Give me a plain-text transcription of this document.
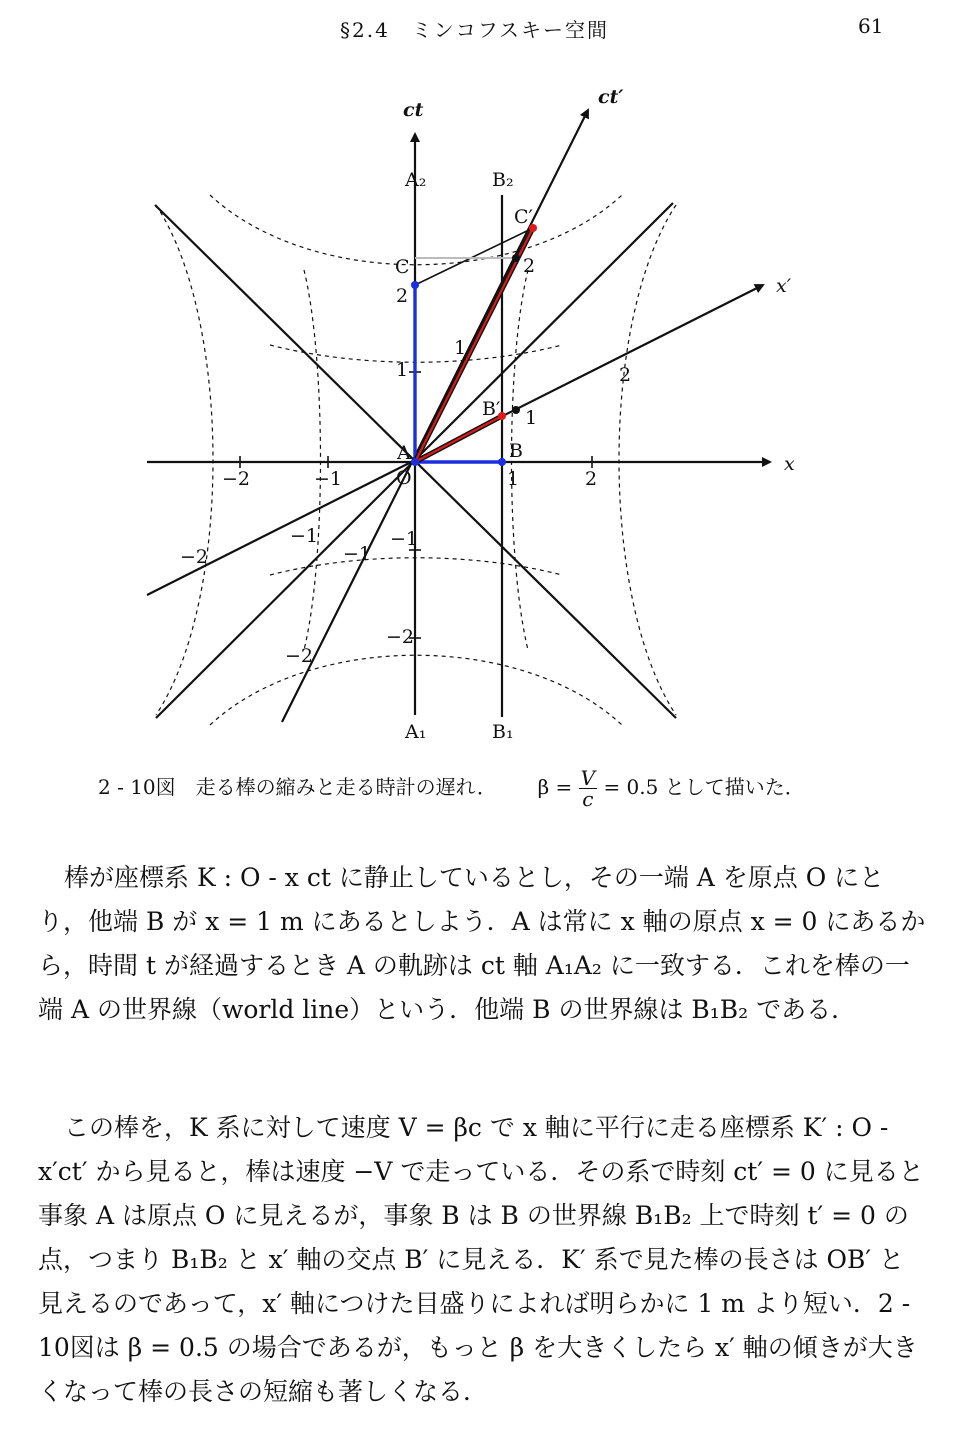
§2.4　ミンコフスキー空間	61
ct
ct′
x
x′
A₂	B₂
A₁	B₁
A
O
B
B′
C
C′
−2	−1	1	2
2
1
−1
−2
2
1
−1
−2
2
1
−1
−2
2 - 10図　走る棒の縮みと走る時計の遅れ． $\beta = \frac{V}{c} = 0.5$ として描いた．

棒が座標系 K : O - x ct に静止しているとし，その一端 A を原点 O にとり，他端 B が x = 1 m にあるとしよう．A は常に x 軸の原点 x = 0 にあるから，時間 t が経過するとき A の軌跡は ct 軸 A₁A₂ に一致する．これを棒の一端 A の世界線（world line）という．他端 B の世界線は B₁B₂ である．

この棒を，K 系に対して速度 V = βc で x 軸に平行に走る座標系 K′ : O - x′ct′ から見ると，棒は速度 −V で走っている．その系で時刻 ct′ = 0 に見ると事象 A は原点 O に見えるが，事象 B は B の世界線 B₁B₂ 上で時刻 t′ = 0 の点，つまり B₁B₂ と x′ 軸の交点 B′ に見える．K′ 系で見た棒の長さは OB′ と見えるのであって，x′ 軸につけた目盛りによれば明らかに 1 m より短い．2 - 10図は β = 0.5 の場合であるが，もっと β を大きくしたら x′ 軸の傾きが大きくなって棒の長さの短縮も著しくなる．
